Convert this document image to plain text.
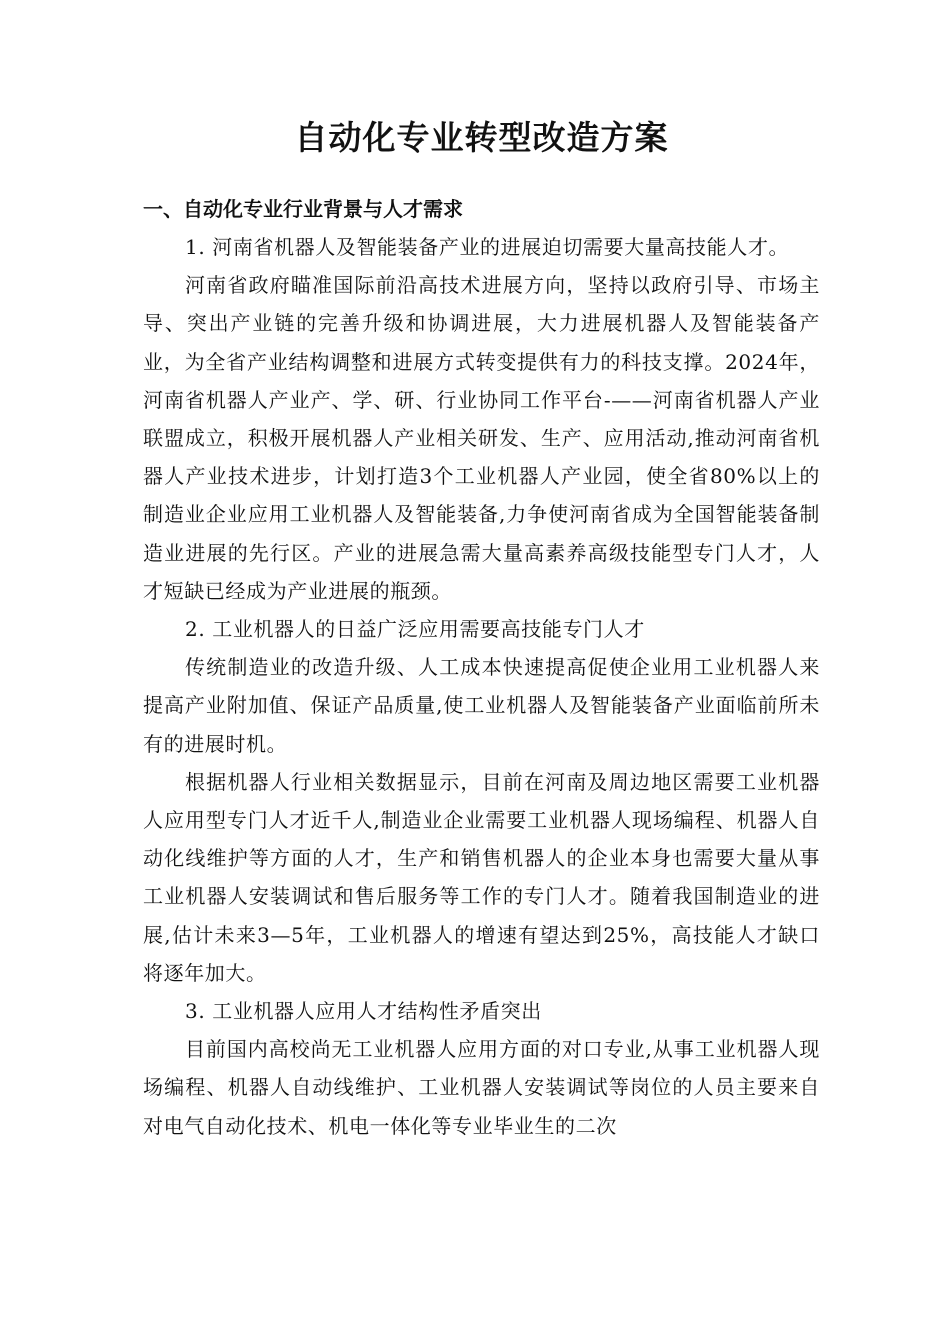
自动化专业转型改造方案
一、自动化专业行业背景与人才需求

1. 河南省机器人及智能装备产业的进展迫切需要大量高技能人才。

河南省政府瞄准国际前沿高技术进展方向，坚持以政府引导、市场主导、突出产业链的完善升级和协调进展，大力进展机器人及智能装备产业，为全省产业结构调整和进展方式转变提供有力的科技支撑。2024年，河南省机器人产业产、学、研、行业协同工作平台-——河南省机器人产业联盟成立，积极开展机器人产业相关研发、生产、应用活动,推动河南省机器人产业技术进步，计划打造3个工业机器人产业园，使全省80%以上的制造业企业应用工业机器人及智能装备,力争使河南省成为全国智能装备制造业进展的先行区。产业的进展急需大量高素养高级技能型专门人才，人才短缺已经成为产业进展的瓶颈。

2. 工业机器人的日益广泛应用需要高技能专门人才

传统制造业的改造升级、人工成本快速提高促使企业用工业机器人来提高产业附加值、保证产品质量,使工业机器人及智能装备产业面临前所未有的进展时机。

根据机器人行业相关数据显示，目前在河南及周边地区需要工业机器人应用型专门人才近千人,制造业企业需要工业机器人现场编程、机器人自动化线维护等方面的人才，生产和销售机器人的企业本身也需要大量从事工业机器人安装调试和售后服务等工作的专门人才。随着我国制造业的进展,估计未来3—5年，工业机器人的增速有望达到25%，高技能人才缺口将逐年加大。

3. 工业机器人应用人才结构性矛盾突出

目前国内高校尚无工业机器人应用方面的对口专业,从事工业机器人现场编程、机器人自动线维护、工业机器人安装调试等岗位的人员主要来自对电气自动化技术、机电一体化等专业毕业生的二次
